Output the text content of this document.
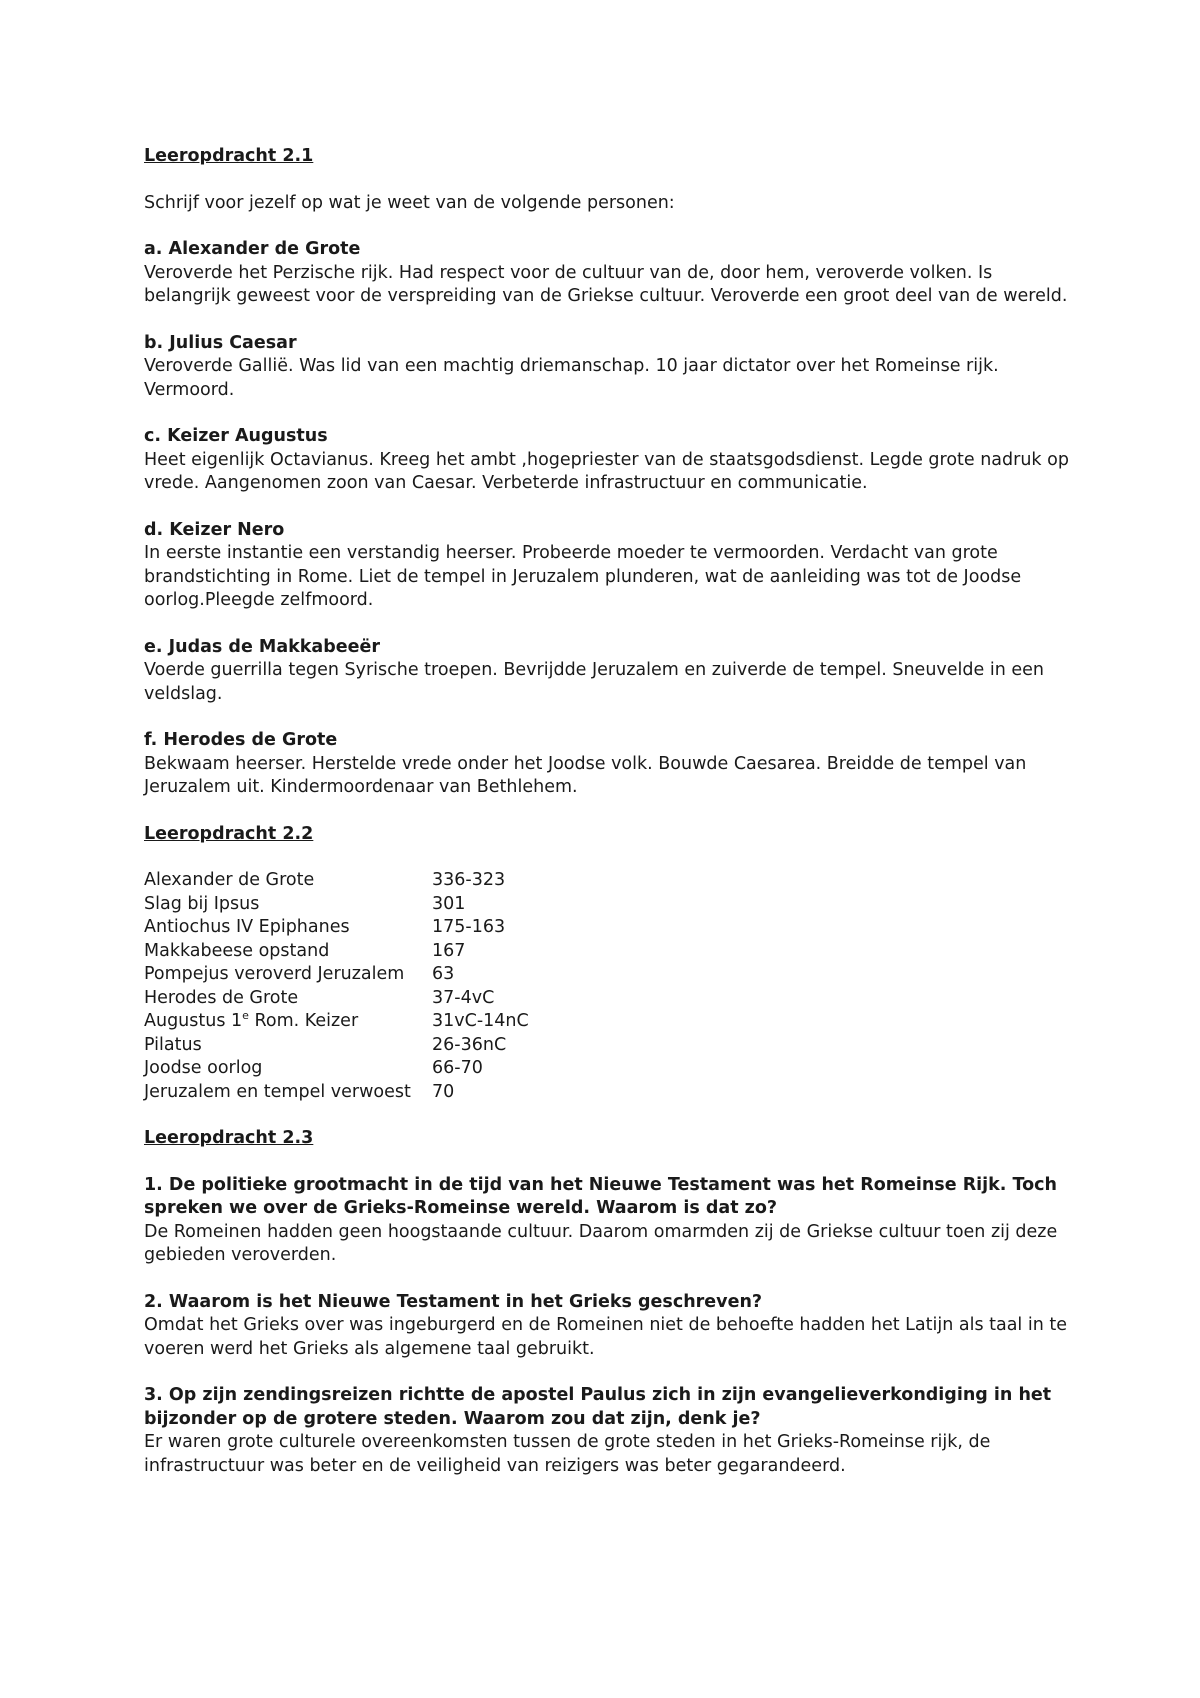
Leeropdracht 2.1

Schrijf voor jezelf op wat je weet van de volgende personen:

a. Alexander de Grote

Veroverde het Perzische rijk. Had respect voor de cultuur van de, door hem, veroverde volken. Is belangrijk geweest voor de verspreiding van de Griekse cultuur. Veroverde een groot deel van de wereld.

b. Julius Caesar

Veroverde Gallië. Was lid van een machtig driemanschap. 10 jaar dictator over het Romeinse rijk. Vermoord.

c. Keizer Augustus

Heet eigenlijk Octavianus. Kreeg het ambt ,hogepriester van de staatsgodsdienst. Legde grote nadruk op vrede. Aangenomen zoon van Caesar. Verbeterde infrastructuur en communicatie.

d. Keizer Nero

In eerste instantie een verstandig heerser. Probeerde moeder te vermoorden. Verdacht van grote brandstichting in Rome. Liet de tempel in Jeruzalem plunderen, wat de aanleiding was tot de Joodse oorlog.Pleegde zelfmoord.

e. Judas de Makkabeeër

Voerde guerrilla tegen Syrische troepen. Bevrijdde Jeruzalem en zuiverde de tempel. Sneuvelde in een veldslag.

f. Herodes de Grote

Bekwaam heerser. Herstelde vrede onder het Joodse volk. Bouwde Caesarea. Breidde de tempel van Jeruzalem uit. Kindermoordenaar van Bethlehem.

Leeropdracht 2.2

Alexander de Grote	336-323
Slag bij Ipsus	301
Antiochus IV Epiphanes	175-163
Makkabeese opstand	167
Pompejus veroverd Jeruzalem	63
Herodes de Grote	37-4vC
Augustus 1e Rom. Keizer	31vC-14nC
Pilatus	26-36nC
Joodse oorlog	66-70
Jeruzalem en tempel verwoest	70

Leeropdracht 2.3

1. De politieke grootmacht in de tijd van het Nieuwe Testament was het Romeinse Rijk. Toch spreken we over de Grieks-Romeinse wereld. Waarom is dat zo?

De Romeinen hadden geen hoogstaande cultuur. Daarom omarmden zij de Griekse cultuur toen zij deze gebieden veroverden.

2. Waarom is het Nieuwe Testament in het Grieks geschreven?

Omdat het Grieks over was ingeburgerd en de Romeinen niet de behoefte hadden het Latijn als taal in te voeren werd het Grieks als algemene taal gebruikt.

3. Op zijn zendingsreizen richtte de apostel Paulus zich in zijn evangelieverkondiging in het bijzonder op de grotere steden. Waarom zou dat zijn, denk je?

Er waren grote culturele overeenkomsten tussen de grote steden in het Grieks-Romeinse rijk, de infrastructuur was beter en de veiligheid van reizigers was beter gegarandeerd.
